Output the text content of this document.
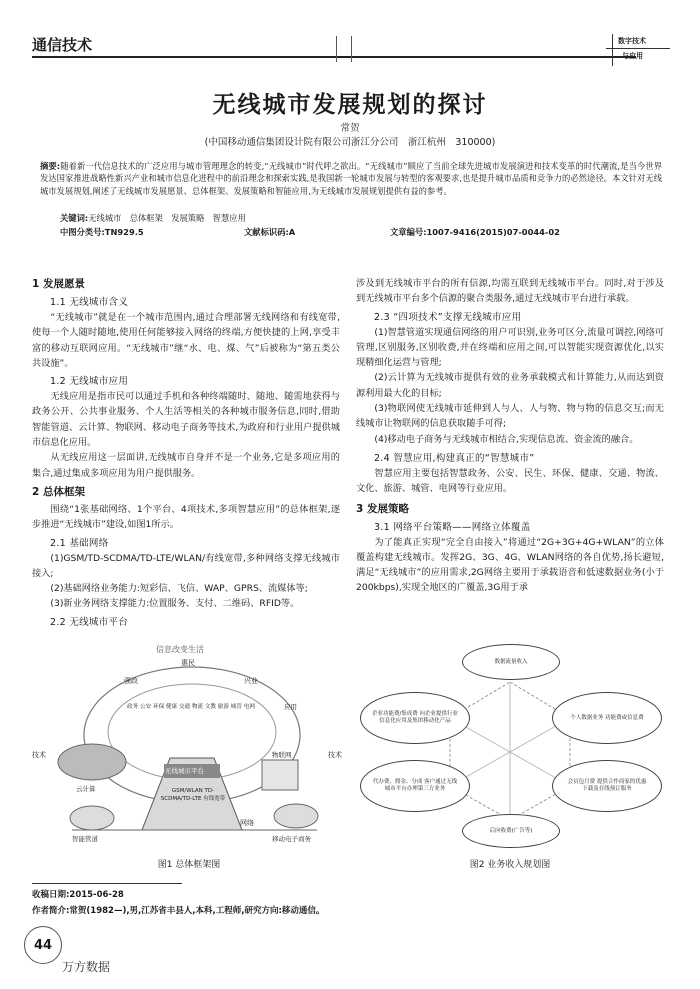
通信技术	数字技术
与应用
无线城市发展规划的探讨
常贺
(中国移动通信集团设计院有限公司浙江分公司　浙江杭州　310000)
摘要:随着新一代信息技术的广泛应用与城市管理理念的转变,“无线城市”时代呼之欲出。“无线城市”顺应了当前全球先进城市发展演进和技术变革的时代潮流,是当今世界发达国家推进战略性新兴产业和城市信息化进程中的前沿理念和探索实践,是我国新一轮城市发展与转型的客观要求,也是提升城市品质和竞争力的必然途径。本文针对无线城市发展规划,阐述了无线城市发展愿景、总体框架、发展策略和智能应用,为无线城市发展规划提供有益的参考。
关键词:无线城市　总体框架　发展策略　智慧应用
中图分类号:TN929.5	文献标识码:A	文章编号:1007-9416(2015)07-0044-02
1 发展愿景
1.1 无线城市含义
“无线城市”就是在一个城市范围内,通过合理部署无线网络和有线宽带,使每一个人随时随地,使用任何能够接入网络的终端,方便快捷的上网,享受丰富的移动互联网应用。“无线城市”继“水、电、煤、气”后被称为“第五类公共设施”。
1.2 无线城市应用
无线应用是指市民可以通过手机和各种终端随时、随地、随需地获得与政务公开、公共事业服务、个人生活等相关的各种城市服务信息,同时,借助智能管道、云计算、物联网、移动电子商务等技术,为政府和行业用户提供城市信息化应用。
从无线应用这一层面讲,无线城市自身并不是一个业务,它是多项应用的集合,通过集成多项应用为用户提供服务。
2 总体框架
围绕“1张基础网络、1个平台、4项技术,多项智慧应用”的总体框架,逐步推进“无线城市”建设,如图1所示。
2.1 基础网络
(1)GSM/TD-SCDMA/TD-LTE/WLAN/有线宽带,多种网络支撑无线城市接入;
(2)基础网络业务能力:短彩信、飞信、WAP、GPRS、流媒体等;
(3)新业务网络支撑能力:位置服务、支付、二维码、RFID等。
2.2 无线城市平台
涉及到无线城市平台的所有信源,均需互联到无线城市平台。同时,对于涉及到无线城市平台多个信源的聚合类服务,通过无线城市平台进行承载。
2.3 “四项技术”支撑无线城市应用
(1)智慧管道实现通信网络的用户可识别,业务可区分,流量可调控,网络可管理,区别服务,区别收费,并在终端和应用之间,可以智能实现资源优化,以实现精细化运营与管理;
(2)云计算为无线城市提供有效的业务承载模式和计算能力,从而达到资源利用最大化的目标;
(3)物联网使无线城市延伸到人与人、人与物、物与物的信息交互;而无线城市让物联网的信息获取随手可得;
(4)移动电子商务与无线城市相结合,实现信息流、资金流的融合。
2.4 智慧应用,构建真正的“智慧城市”
智慧应用主要包括智慧政务、公安、民生、环保、健康、交通、物流、文化、旅游、城管、电网等行业应用。
3 发展策略
3.1 网络平台策略——网络立体覆盖
为了能真正实现“完全自由接入”将通过“2G+3G+4G+WLAN”的立体覆盖构建无线城市。发挥2G、3G、4G、WLAN网络的各自优势,扬长避短,满足“无线城市”的应用需求,2G网络主要用于承载语音和低速数据业务(小于200kbps),实现全地区的广覆盖,3G用于承
信息改变生活
惠民
强政	兴业
政务 公安 环保 健康 交通 物流 文教 旅游 城管 电网	应用
技术	技术
云计算
物联网
智能管道	移动电子商务
无线城市平台
GSM/WLAN TD-SCDMA/TD-LTE 有线宽带
网络
图1 总体框架图
数据流量收入
企业功能费/集成费 向企业提供行业信息化应用及集团移动化产品
个人数据业务 功能费或信息费
代办费、佣金、分成 客户通过无线城市平台办理第三方业务
会员包月费 提供合作商家的优惠下载及在线预订服务
后向收费(广告等)
图2 业务收入规划图
收稿日期:2015-06-28
作者简介:常贺(1982—),男,江苏省丰县人,本科,工程师,研究方向:移动通信。
44
万方数据
